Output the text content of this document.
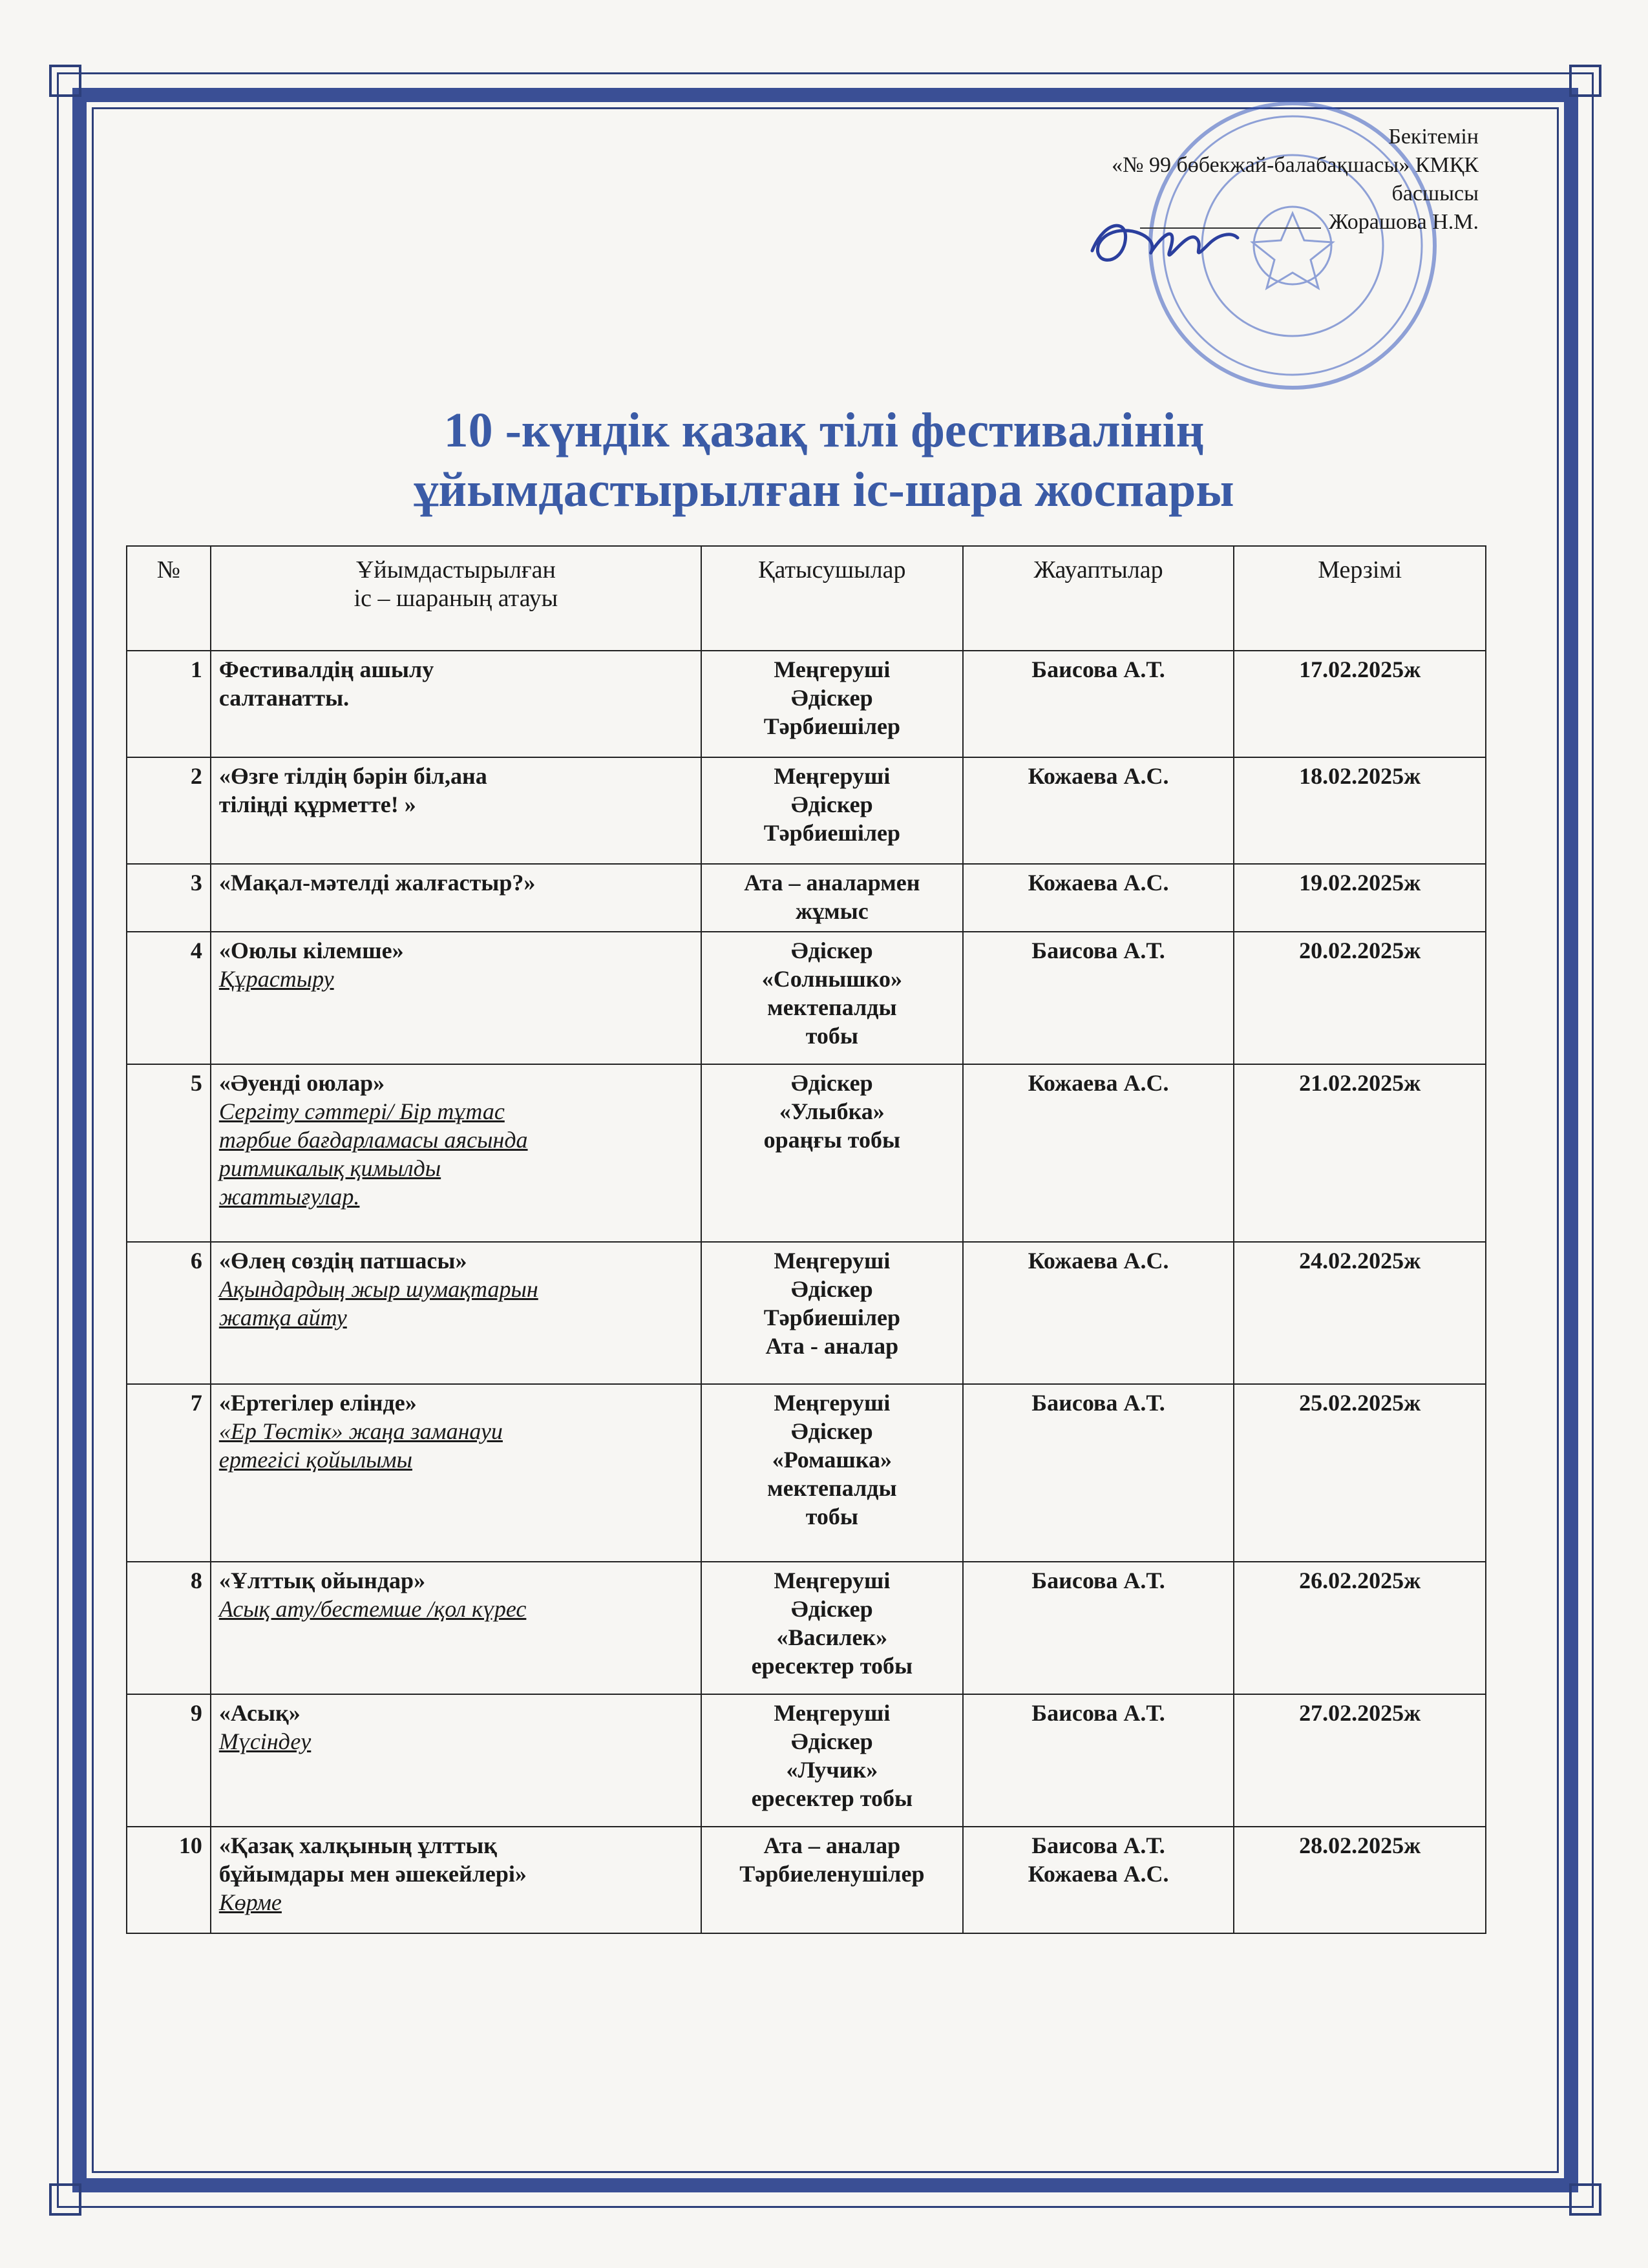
Бекітемін
«№ 99 бөбекжай-балабақшасы» КМҚК
басшысы
Жорашова Н.М.
10 -күндік қазақ тілі фестивалінің
ұйымдастырылған іс-шара жоспары
№	Ұйымдастырылған
іс – шараның атауы	Қатысушылар	Жауаптылар	Мерзімі
1	Фестивалдің ашылу
салтанатты.	Меңгеруші
Әдіскер
Тәрбиешілер	Баисова А.Т.	17.02.2025ж
2	«Өзге тілдің бәрін біл,ана
тіліңді құрметте! »	Меңгеруші
Әдіскер
Тәрбиешілер	Кожаева А.С.	18.02.2025ж
3	«Мақал-мәтелді жалғастыр?»	Ата – аналармен
жұмыс	Кожаева А.С.	19.02.2025ж
4	«Оюлы кілемше»
Құрастыру	Әдіскер
«Солнышко»
мектепалды
тобы	Баисова А.Т.	20.02.2025ж
5	«Әуенді оюлар»
Сергіту сәттері/ Бір тұтас
тәрбие бағдарламасы аясында
ритмикалық қимылды
жаттығулар.	Әдіскер
«Улыбка»
ораңғы тобы	Кожаева А.С.	21.02.2025ж
6	«Өлең сөздің патшасы»
Ақындардың жыр шумақтарын
жатқа айту	Меңгеруші
Әдіскер
Тәрбиешілер
Ата - аналар	Кожаева А.С.	24.02.2025ж
7	«Ертегілер елінде»
«Ер Төстік» жаңа заманауи
ертегісі қойылымы	Меңгеруші
Әдіскер
«Ромашка»
мектепалды
тобы	Баисова А.Т.	25.02.2025ж
8	«Ұлттық ойындар»
Асық ату/бестемше /қол күрес	Меңгеруші
Әдіскер
«Василек»
ересектер тобы	Баисова А.Т.	26.02.2025ж
9	«Асық»
Мүсіндеу	Меңгеруші
Әдіскер
«Лучик»
ересектер тобы	Баисова А.Т.	27.02.2025ж
10	«Қазақ халқының ұлттық
бұйымдары мен әшекейлері»
Көрме	Ата – аналар
Тәрбиеленушілер	Баисова А.Т.
Кожаева А.С.	28.02.2025ж
